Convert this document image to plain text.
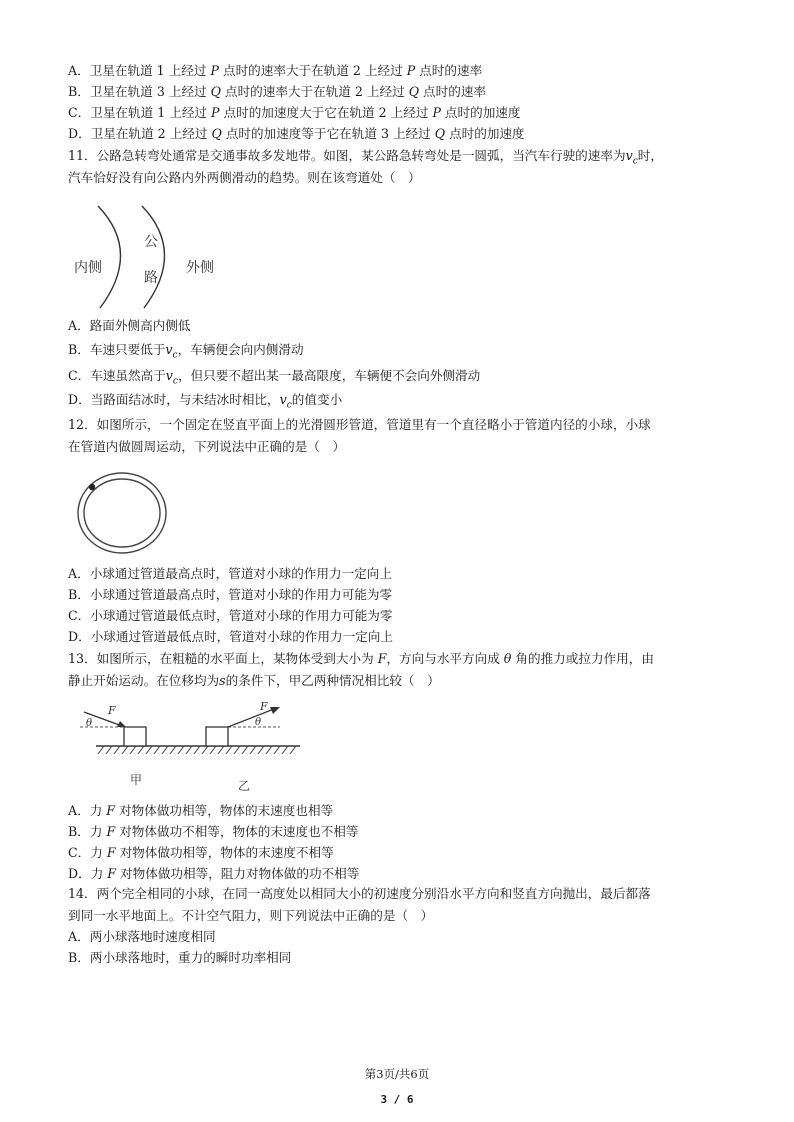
A．卫星在轨道 1 上经过 P 点时的速率大于在轨道 2 上经过 P 点时的速率
B．卫星在轨道 3 上经过 Q 点时的速率大于在轨道 2 上经过 Q 点时的速率
C．卫星在轨道 1 上经过 P 点时的加速度大于它在轨道 2 上经过 P 点时的加速度
D．卫星在轨道 2 上经过 Q 点时的加速度等于它在轨道 3 上经过 Q 点时的加速度
11．公路急转弯处通常是交通事故多发地带。如图，某公路急转弯处是一圆弧，当汽车行驶的速率为$v_c$时，
汽车恰好没有向公路内外两侧滑动的趋势。则在该弯道处（　）
内侧
公
路
外侧
A．路面外侧高内侧低
B．车速只要低于$v_c$，车辆便会向内侧滑动
C．车速虽然高于$v_c$，但只要不超出某一最高限度，车辆便不会向外侧滑动
D．当路面结冰时，与未结冰时相比，$v_c$的值变小
12．如图所示，一个固定在竖直平面上的光滑圆形管道，管道里有一个直径略小于管道内径的小球，小球
在管道内做圆周运动，下列说法中正确的是（　）
A．小球通过管道最高点时，管道对小球的作用力一定向上
B．小球通过管道最高点时，管道对小球的作用力可能为零
C．小球通过管道最低点时，管道对小球的作用力可能为零
D．小球通过管道最低点时，管道对小球的作用力一定向上
13．如图所示，在粗糙的水平面上，某物体受到大小为 F，方向与水平方向成 θ 角的推力或拉力作用，由
静止开始运动。在位移均为s的条件下，甲乙两种情况相比较（　）
F
θ
F
θ
甲	乙
A．力 F 对物体做功相等，物体的末速度也相等
B．力 F 对物体做功不相等，物体的末速度也不相等
C．力 F 对物体做功相等，物体的末速度不相等
D．力 F 对物体做功相等，阻力对物体做的功不相等
14．两个完全相同的小球，在同一高度处以相同大小的初速度分别沿水平方向和竖直方向抛出，最后都落
到同一水平地面上。不计空气阻力，则下列说法中正确的是（　）
A．两小球落地时速度相同
B．两小球落地时，重力的瞬时功率相同
第3页/共6页
3 / 6
